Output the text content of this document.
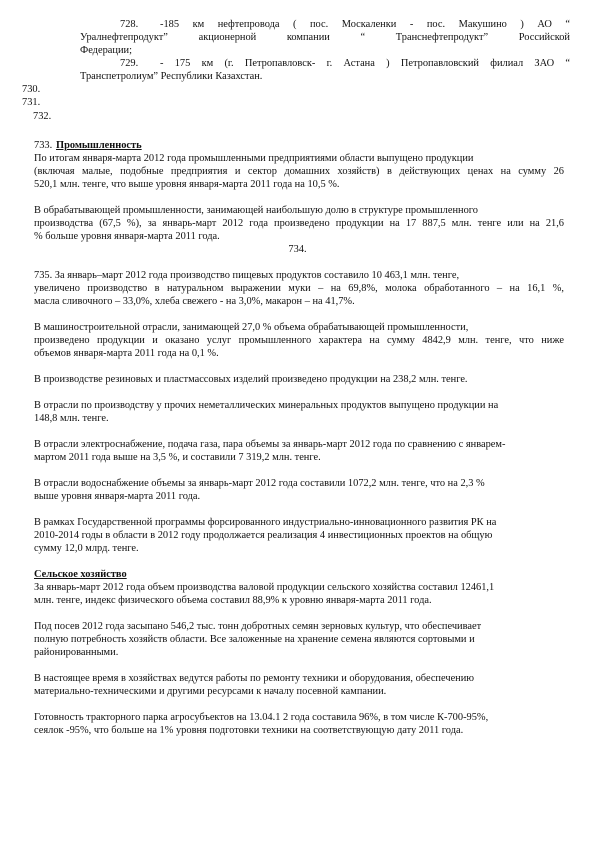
728. -185 км нефтепровода ( пос. Москаленки - пос. Макушино ) АО “
Уралнефтепродукт” акционерной компании “ Транснефтепродукт” Российской
Федерации;
729. - 175 км (г. Петропавловск- г. Астана ) Петропавловский филиал ЗАО “
Транспетролиум” Республики Казахстан.
730.
731.
732.
733. Промышленность
По итогам января-марта 2012 года промышленными предприятиями области выпущено продукции
(включая малые, подобные предприятия и сектор домашних хозяйств) в действующих ценах на сумму 26
520,1 млн. тенге, что выше уровня января-марта 2011 года на 10,5 %.
В обрабатывающей промышленности, занимающей наибольшую долю в структуре промышленного
производства (67,5 %), за январь-март 2012 года произведено продукции на 17 887,5 млн. тенге или на 21,6
% больше уровня января-марта 2011 года.
734.
735. За январь–март 2012 года производство пищевых продуктов составило 10 463,1 млн. тенге,
увеличено производство в натуральном выражении муки – на 69,8%, молока обработанного – на 16,1 %,
масла сливочного – 33,0%, хлеба свежего - на 3,0%, макарон – на 41,7%.
В машиностроительной отрасли, занимающей 27,0 % объема обрабатывающей промышленности,
произведено продукции и оказано услуг промышленного характера на сумму 4842,9 млн. тенге, что ниже
объемов января-марта 2011 года на 0,1 %.
В производстве резиновых и пластмассовых изделий произведено продукции на 238,2 млн. тенге.
В отрасли по производству у прочих неметаллических минеральных продуктов выпущено продукции на
148,8 млн. тенге.
В отрасли электроснабжение, подача газа, пара объемы за январь-март 2012 года по сравнению с январем-
мартом 2011 года выше на 3,5 %, и составили 7 319,2 млн. тенге.
В отрасли водоснабжение объемы за январь-март 2012 года составили 1072,2 млн. тенге, что на 2,3 %
выше уровня января-марта 2011 года.
В рамках Государственной программы форсированного индустриально-инновационного развития РК на
2010-2014 годы в области в 2012 году продолжается реализация 4 инвестиционных проектов на общую
сумму 12,0 млрд. тенге.
Сельское хозяйство
За январь-март 2012 года объем производства валовой продукции сельского хозяйства составил 12461,1
млн. тенге, индекс физического объема составил 88,9% к уровню января-марта 2011 года.
Под посев 2012 года засыпано 546,2 тыс. тонн добротных семян зерновых культур, что обеспечивает
полную потребность хозяйств области. Все заложенные на хранение семена являются сортовыми и
районированными.
В настоящее время в хозяйствах ведутся работы по ремонту техники и оборудования, обеспечению
материально-техническими и другими ресурсами к началу посевной кампании.
Готовность тракторного парка агросубъектов на 13.04.1 2 года составила 96%, в том числе К-700-95%,
сеялок -95%, что больше на 1% уровня подготовки техники на соответствующую дату 2011 года.
